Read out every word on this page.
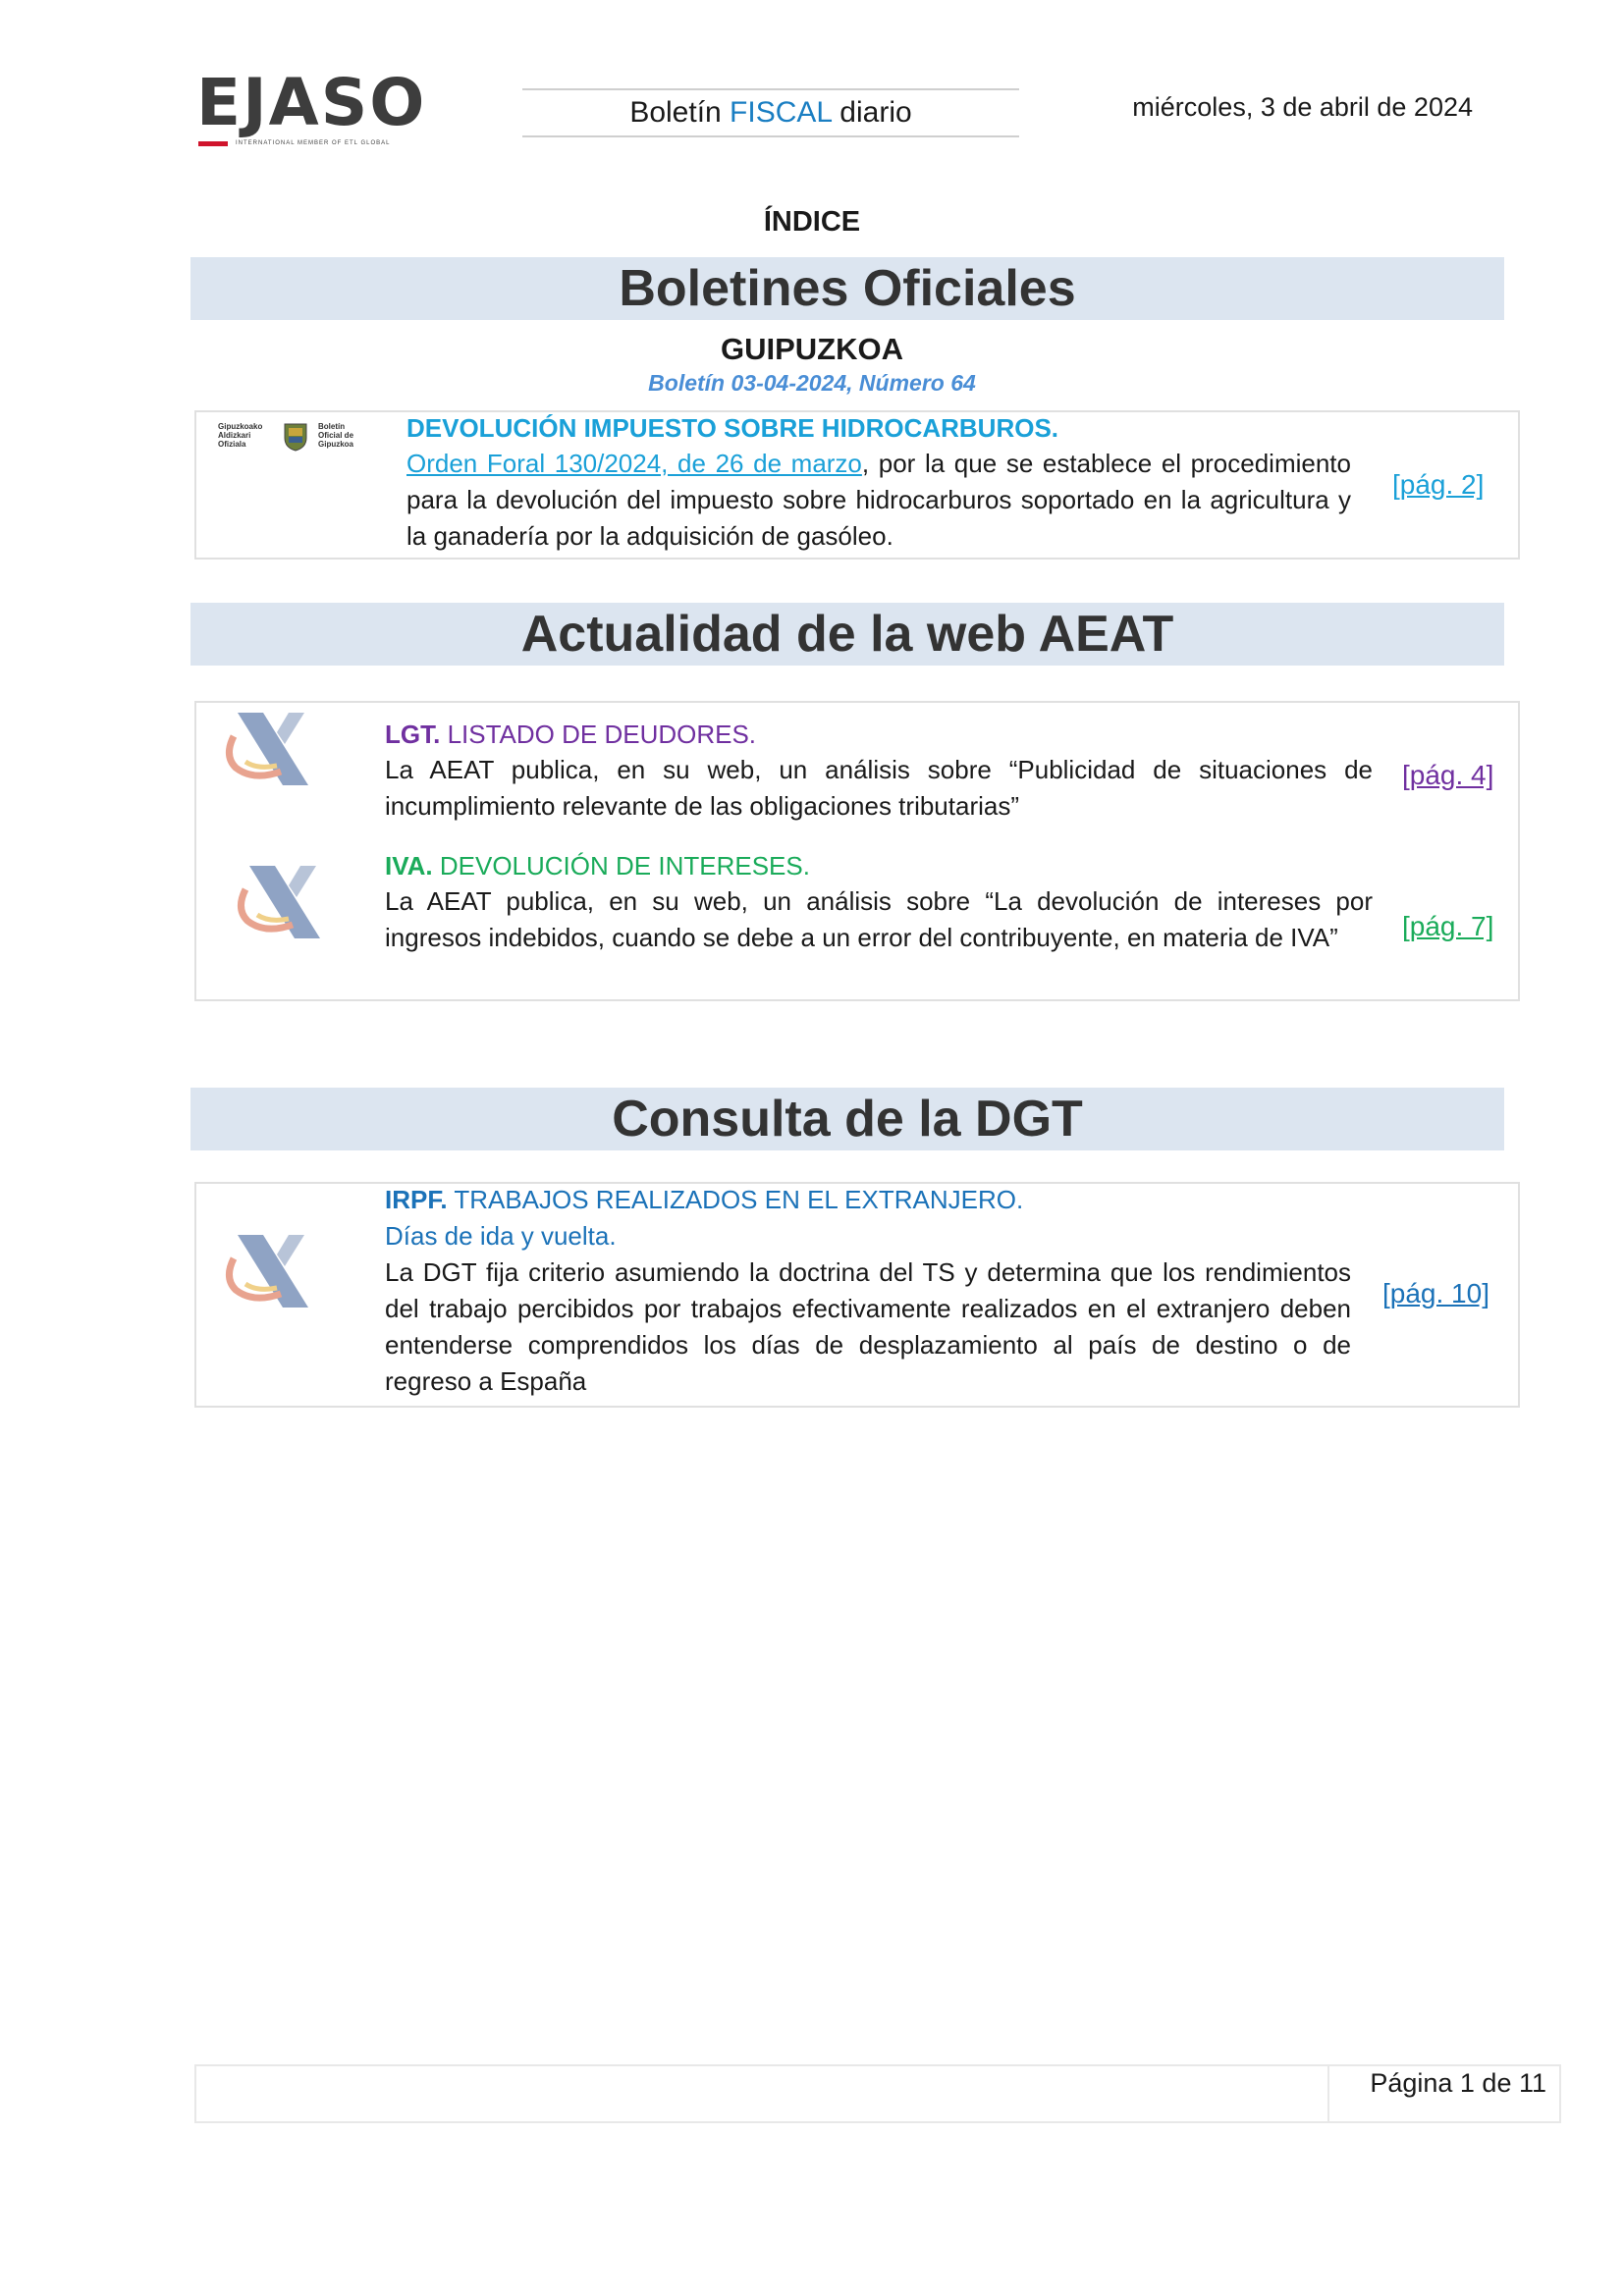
EJASO
INTERNATIONAL MEMBER OF ETL GLOBAL
Boletín FISCAL diario	miércoles, 3 de abril de 2024
ÍNDICE
Boletines Oficiales
GUIPUZKOA
Boletín 03-04-2024, Número 64
Gipuzkoako
Aldizkari
Ofiziala
Boletín
Oficial de
Gipuzkoa
DEVOLUCIÓN IMPUESTO SOBRE HIDROCARBUROS.
Orden Foral 130/2024, de 26 de marzo, por la que se establece el procedimiento para la devolución del impuesto sobre hidrocarburos soportado en la agricultura y la ganadería por la adquisición de gasóleo.
[pág. 2]
Actualidad de la web AEAT
LGT. LISTADO DE DEUDORES.
La AEAT publica, en su web, un análisis sobre “Publicidad de situaciones de incumplimiento relevante de las obligaciones tributarias”
[pág. 4]
IVA. DEVOLUCIÓN DE INTERESES.
La AEAT publica, en su web, un análisis sobre “La devolución de intereses por ingresos indebidos, cuando se debe a un error del contribuyente, en materia de IVA”	[pág. 7]
Consulta de la DGT
IRPF. TRABAJOS REALIZADOS EN EL EXTRANJERO.
Días de ida y vuelta.
La DGT fija criterio asumiendo la doctrina del TS y determina que los rendimientos del trabajo percibidos por trabajos efectivamente realizados en el extranjero deben entenderse comprendidos los días de desplazamiento al país de destino o de regreso a España
[pág. 10]
Página 1 de 11
